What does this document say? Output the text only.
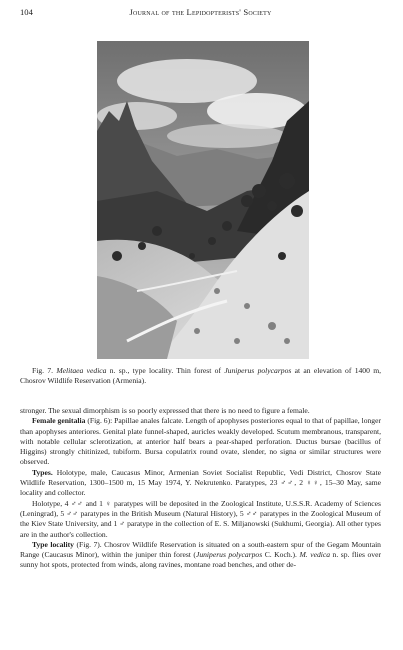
104	Journal of the Lepidopterists' Society
Fig. 7. Melitaea vedica n. sp., type locality. Thin forest of Juniperus polycarpos at an elevation of 1400 m, Chosrov Wildlife Reservation (Armenia).

stronger. The sexual dimorphism is so poorly expressed that there is no need to figure a female.

Female genitalia (Fig. 6): Papillae anales falcate. Length of apophyses posteriores equal to that of papillae, longer than apophyses anteriores. Genital plate funnel-shaped, auricles weakly developed. Scutum membranous, transparent, with notable cellular sclerotization, at anterior half bears a pear-shaped perforation. Ductus bursae (bacillus of Higgins) strongly chitinized, tubiform. Bursa copulatrix round ovate, slender, no signa or similar structures were observed.

Types. Holotype, male, Caucasus Minor, Armenian Soviet Socialist Republic, Vedi District, Chosrov State Wildlife Reservation, 1300–1500 m, 15 May 1974, Y. Nekrutenko. Paratypes, 23 ♂♂, 2 ♀♀, 15–30 May, same locality and collector.

Holotype, 4 ♂♂ and 1 ♀ paratypes will be deposited in the Zoological Institute, U.S.S.R. Academy of Sciences (Leningrad), 5 ♂♂ paratypes in the British Museum (Natural History), 5 ♂♂ paratypes in the Zoological Museum of the Kiev State University, and 1 ♂ paratype in the collection of E. S. Miljanowski (Sukhumi, Georgia). All other types are in the author's collection.

Type locality (Fig. 7). Chosrov Wildlife Reservation is situated on a south-eastern spur of the Gegam Mountain Range (Caucasus Minor), within the juniper thin forest (Juniperus polycarpos C. Koch.). M. vedica n. sp. flies over sunny hot spots, protected from winds, along ravines, montane road benches, and other de-
